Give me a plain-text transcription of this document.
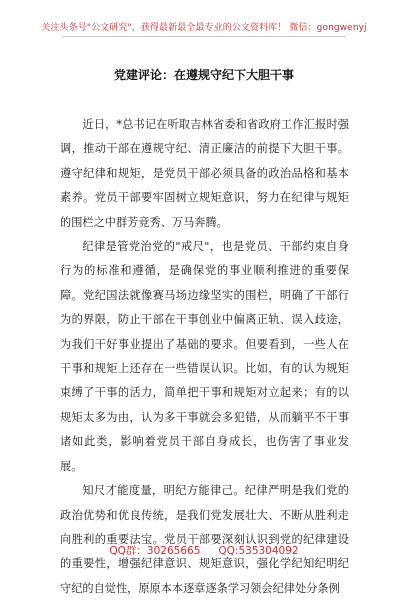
关注头条号"公文研究"，获得最新最全最专业的公文资料库！ 微信：gongwenyj
党建评论：在遵规守纪下大胆干事

近日，*总书记在听取吉林省委和省政府工作汇报时强调，推动干部在遵规守纪、清正廉洁的前提下大胆干事。遵守纪律和规矩，是党员干部必须具备的政治品格和基本素养。党员干部要牢固树立规矩意识，努力在纪律与规矩的围栏之中群芳竞秀、万马奔腾。

纪律是管党治党的"戒尺"，也是党员、干部约束自身行为的标准和遵循，是确保党的事业顺利推进的重要保障。党纪国法就像赛马场边缘坚实的围栏，明确了干部行为的界限，防止干部在干事创业中偏离正轨、误入歧途，为我们干好事业提出了基础的要求。但要看到，一些人在干事和规矩上还存在一些错误认识。比如，有的认为规矩束缚了干事的活力，简单把干事和规矩对立起来；有的以规矩太多为由，认为多干事就会多犯错，从而躺平不干事诸如此类，影响着党员干部自身成长，也伤害了事业发展。

知尺才能度量，明纪方能律己。纪律严明是我们党的政治优势和优良传统，是我们党发展壮大、不断从胜利走向胜利的重要法宝。党员干部要深刻认识到党的纪律建设的重要性，增强纪律意识、规矩意识，强化学纪知纪明纪守纪的自觉性，原原本本逐章逐条学习领会纪律处分条例

QQ群：30265665 QQ:535304092
